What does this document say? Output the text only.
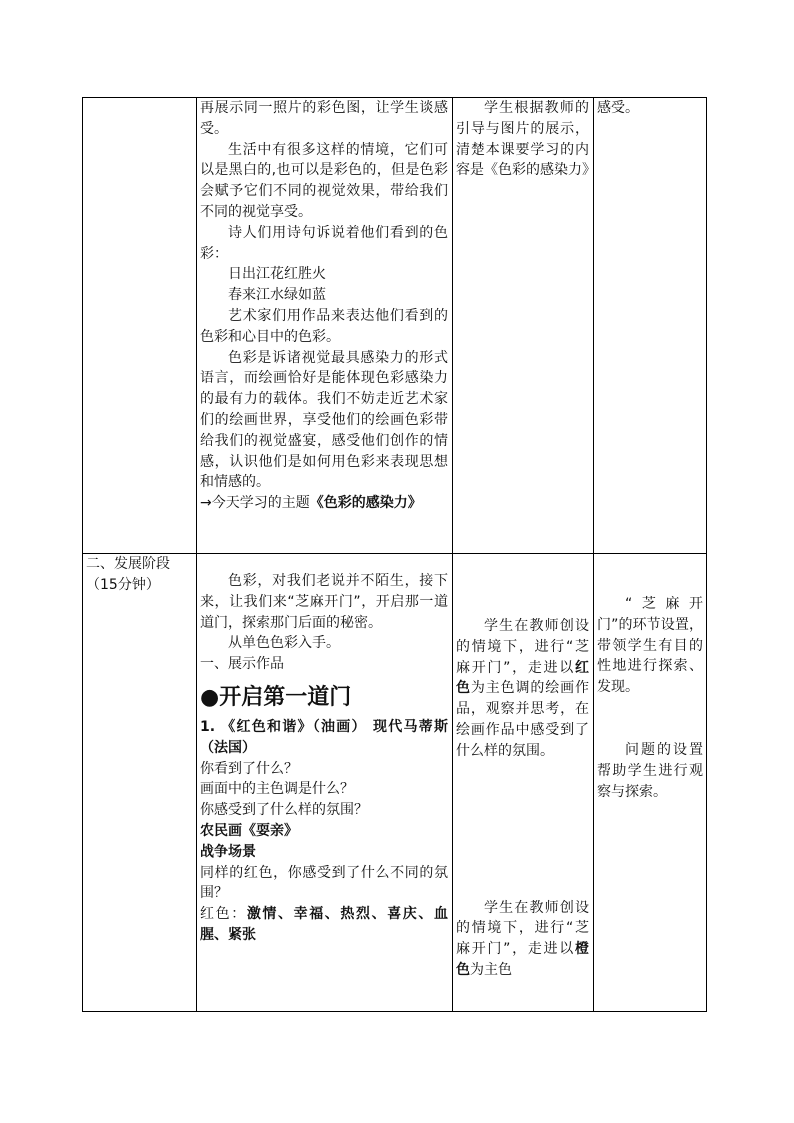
再展示同一照片的彩色图，让学生谈感受。

生活中有很多这样的情境，它们可以是黑白的,也可以是彩色的，但是色彩会赋予它们不同的视觉效果，带给我们不同的视觉享受。

诗人们用诗句诉说着他们看到的色彩：

日出江花红胜火

春来江水绿如蓝

艺术家们用作品来表达他们看到的色彩和心目中的色彩。

色彩是诉诸视觉最具感染力的形式语言，而绘画恰好是能体现色彩感染力的最有力的载体。我们不妨走近艺术家们的绘画世界，享受他们的绘画色彩带给我们的视觉盛宴，感受他们创作的情感，认识他们是如何用色彩来表现思想和情感的。

→今天学习的主题《色彩的感染力》

学生根据教师的引导与图片的展示，清楚本课要学习的内容是《色彩的感染力》

感受。

二、发展阶段

（15分钟）	色彩，对我们老说并不陌生，接下来，让我们来“芝麻开门”，开启那一道道门，探索那门后面的秘密。

从单色色彩入手。

一、展示作品

●开启第一道门

1. 《红色和谐》（油画） 现代马蒂斯（法国）

你看到了什么？

画面中的主色调是什么？

你感受到了什么样的氛围？

农民画《耍亲》

战争场景

同样的红色，你感受到了什么不同的氛围？

红色：激情、幸福、热烈、喜庆、血腥、紧张

学生在教师创设的情境下，进行“芝麻开门”，走进以红色为主色调的绘画作品，观察并思考，在绘画作品中感受到了什么样的氛围。

学生在教师创设的情境下，进行“芝麻开门”，走进以橙色为主色

“芝麻开门”的环节设置，带领学生有目的性地进行探索、发现。

问题的设置帮助学生进行观察与探索。
